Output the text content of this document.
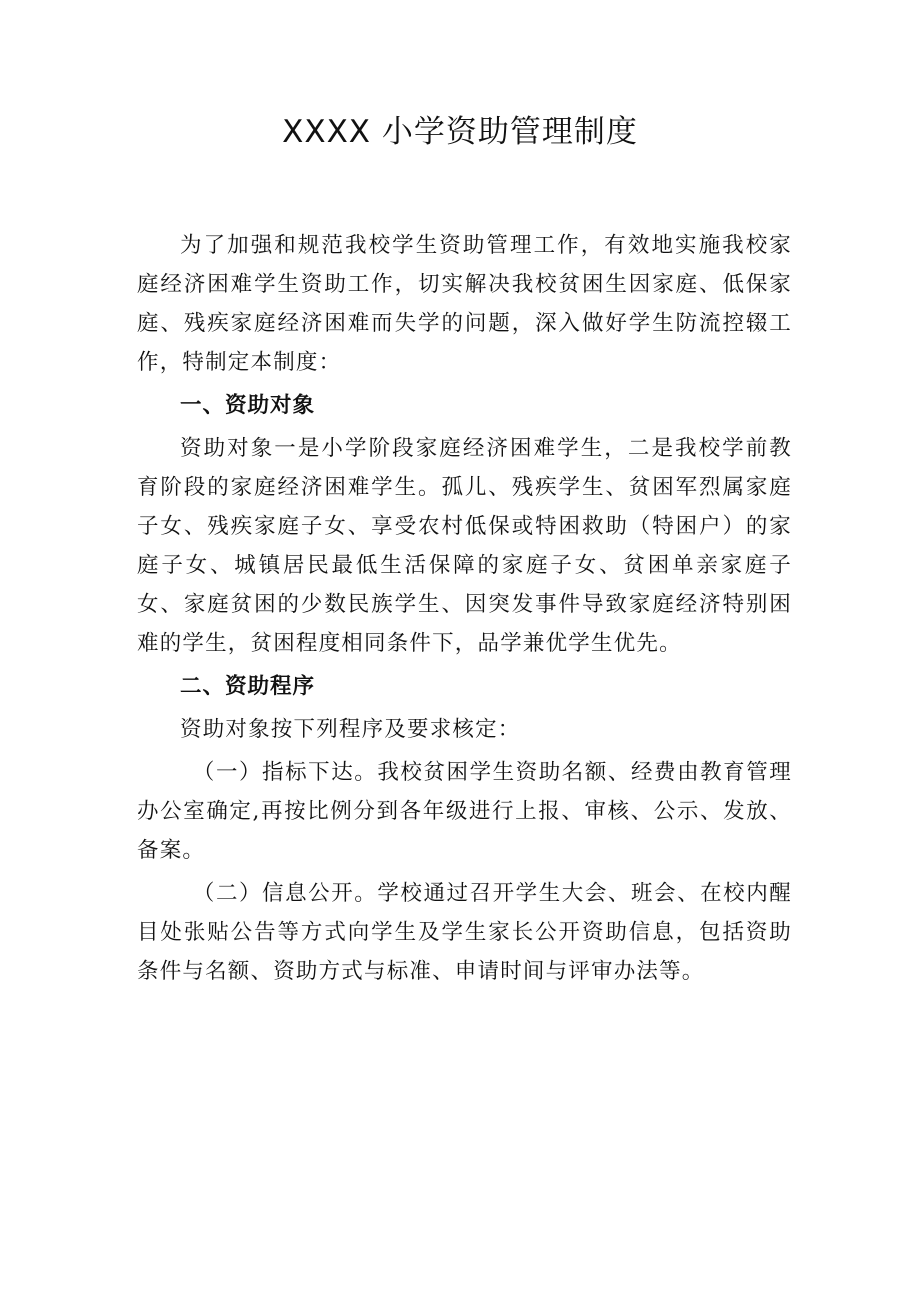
XXXX 小学资助管理制度

为了加强和规范我校学生资助管理工作，有效地实施我校家庭经济困难学生资助工作，切实解决我校贫困生因家庭、低保家庭、残疾家庭经济困难而失学的问题，深入做好学生防流控辍工作，特制定本制度：

一、资助对象

资助对象一是小学阶段家庭经济困难学生，二是我校学前教育阶段的家庭经济困难学生。孤儿、残疾学生、贫困军烈属家庭子女、残疾家庭子女、享受农村低保或特困救助（特困户）的家庭子女、城镇居民最低生活保障的家庭子女、贫困单亲家庭子女、家庭贫困的少数民族学生、因突发事件导致家庭经济特别困难的学生，贫困程度相同条件下，品学兼优学生优先。

二、资助程序

资助对象按下列程序及要求核定：

（一）指标下达。我校贫困学生资助名额、经费由教育管理办公室确定,再按比例分到各年级进行上报、审核、公示、发放、备案。

（二）信息公开。学校通过召开学生大会、班会、在校内醒目处张贴公告等方式向学生及学生家长公开资助信息，包括资助条件与名额、资助方式与标准、申请时间与评审办法等。
